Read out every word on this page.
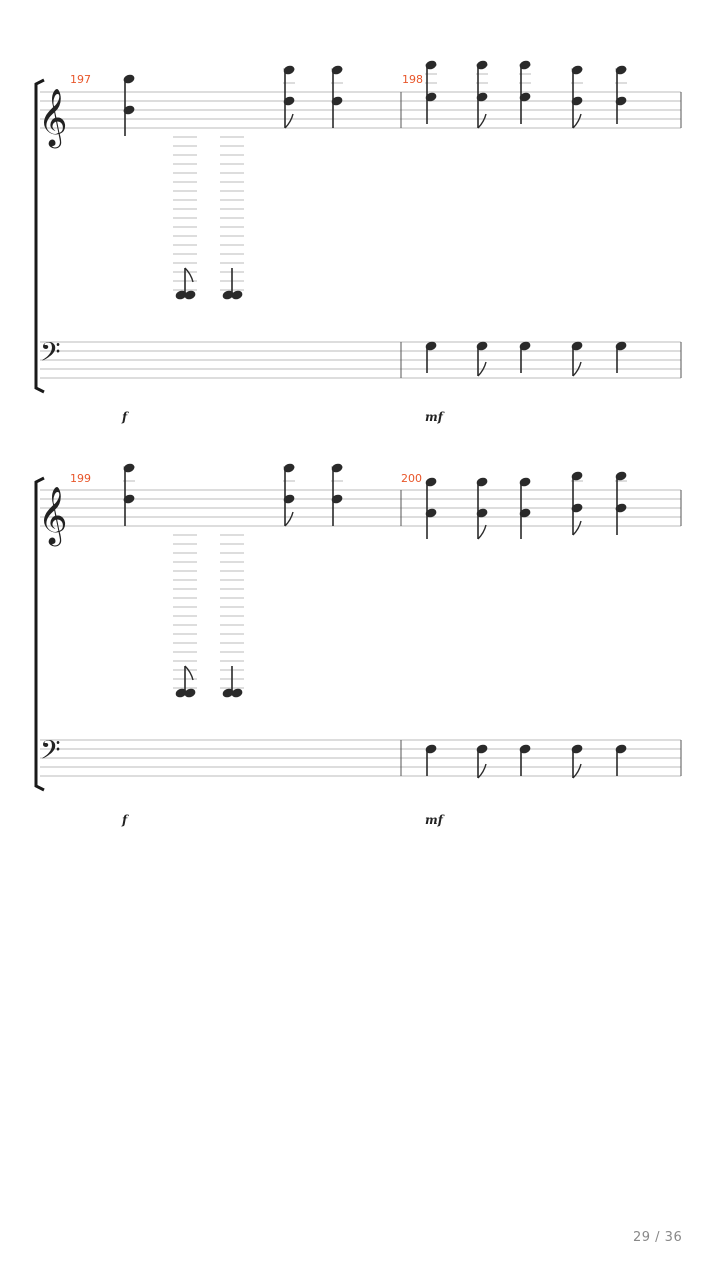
𝄞
197	198
𝄢
f	mf
𝄞
199	200
𝄢
f	mf
29 / 36
